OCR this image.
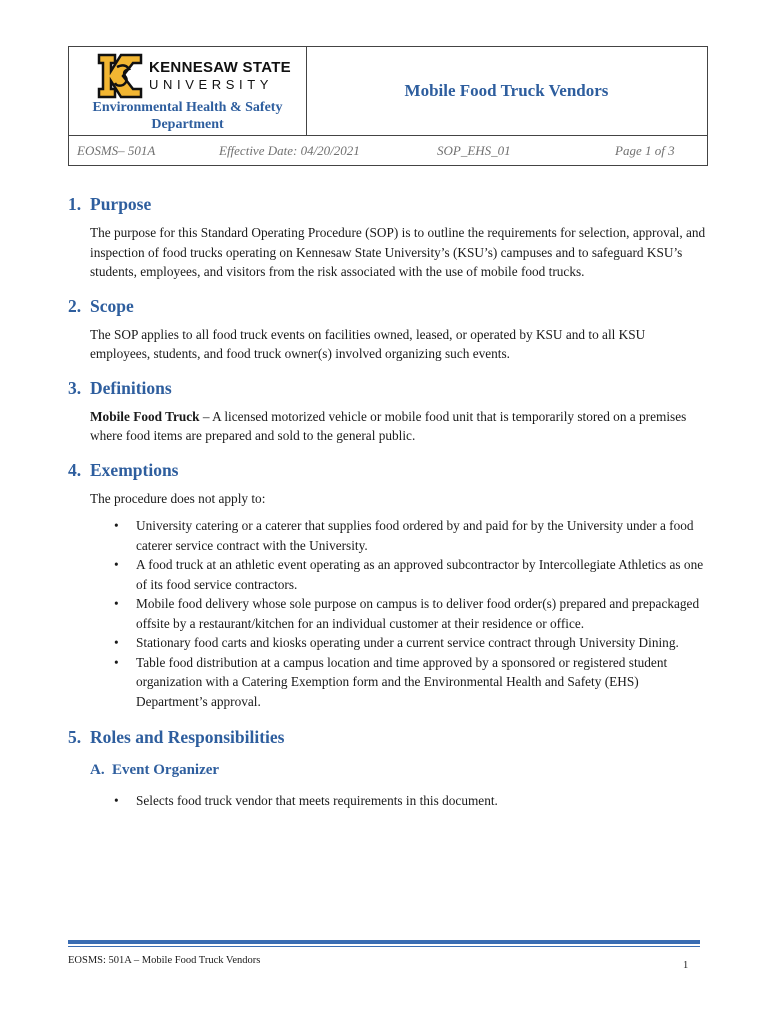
KENNESAW STATE
UNIVERSITY
Environmental Health & Safety Department
Mobile Food Truck Vendors
EOSMS– 501A	Effective Date: 04/20/2021	SOP_EHS_01	Page 1 of 3
1. Purpose

The purpose for this Standard Operating Procedure (SOP) is to outline the requirements for selection, approval, and inspection of food trucks operating on Kennesaw State University’s (KSU’s) campuses and to safeguard KSU’s students, employees, and visitors from the risk associated with the use of mobile food trucks.

2. Scope

The SOP applies to all food truck events on facilities owned, leased, or operated by KSU and to all KSU employees, students, and food truck owner(s) involved organizing such events.

3. Definitions

Mobile Food Truck – A licensed motorized vehicle or mobile food unit that is temporarily stored on a premises where food items are prepared and sold to the general public.

4. Exemptions

The procedure does not apply to:

• University catering or a caterer that supplies food ordered by and paid for by the University under a food caterer service contract with the University.
• A food truck at an athletic event operating as an approved subcontractor by Intercollegiate Athletics as one of its food service contractors.
• Mobile food delivery whose sole purpose on campus is to deliver food order(s) prepared and prepackaged offsite by a restaurant/kitchen for an individual customer at their residence or office.
• Stationary food carts and kiosks operating under a current service contract through University Dining.
• Table food distribution at a campus location and time approved by a sponsored or registered student organization with a Catering Exemption form and the Environmental Health and Safety (EHS) Department’s approval.
5. Roles and Responsibilities
A. Event Organizer
• Selects food truck vendor that meets requirements in this document.
EOSMS: 501A – Mobile Food Truck Vendors	1
